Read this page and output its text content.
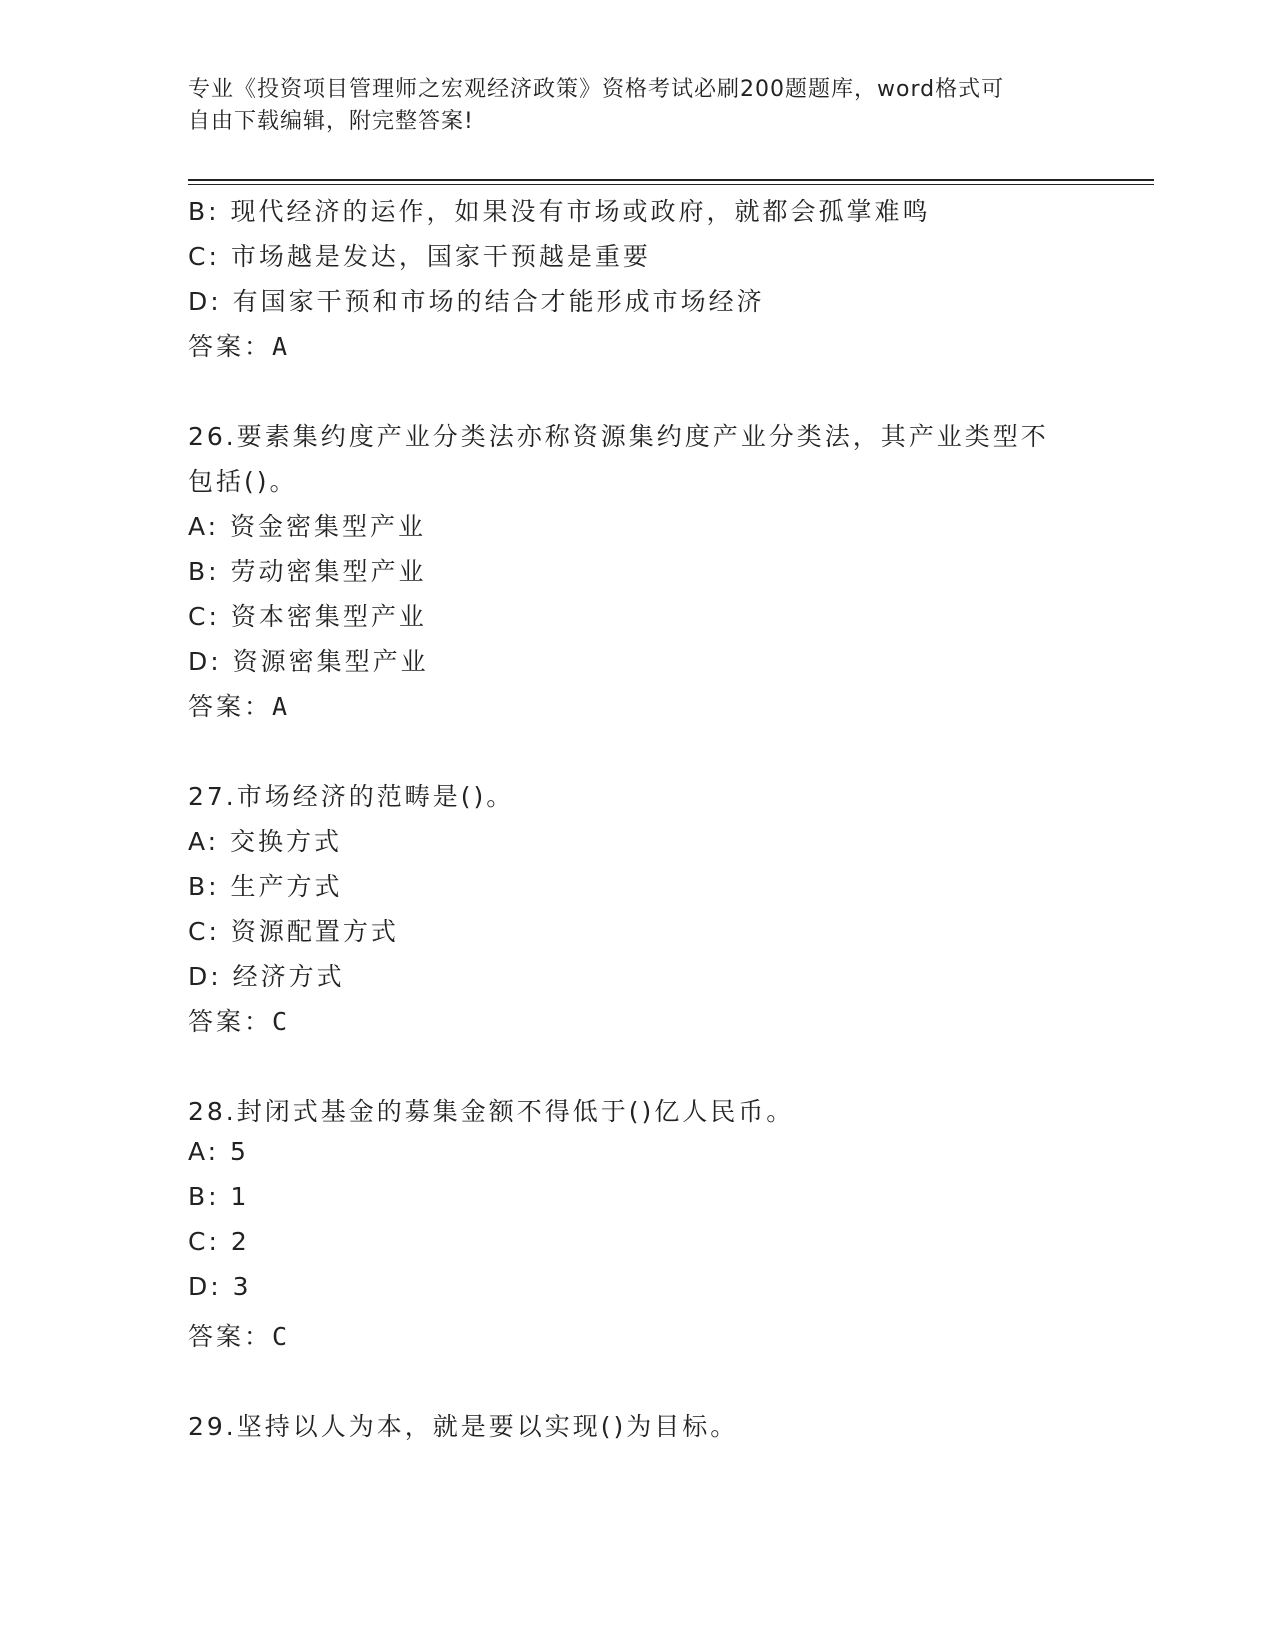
专业《投资项目管理师之宏观经济政策》资格考试必刷200题题库，word格式可
自由下载编辑，附完整答案!
B: 现代经济的运作，如果没有市场或政府，就都会孤掌难鸣
C: 市场越是发达，国家干预越是重要
D: 有国家干预和市场的结合才能形成市场经济
答案：A
26.要素集约度产业分类法亦称资源集约度产业分类法，其产业类型不
包括()。
A: 资金密集型产业
B: 劳动密集型产业
C: 资本密集型产业
D: 资源密集型产业
答案：A
27.市场经济的范畴是()。
A: 交换方式
B: 生产方式
C: 资源配置方式
D: 经济方式
答案：C
28.封闭式基金的募集金额不得低于()亿人民币。
A: 5
B: 1
C: 2
D: 3
答案：C
29.坚持以人为本，就是要以实现()为目标。
